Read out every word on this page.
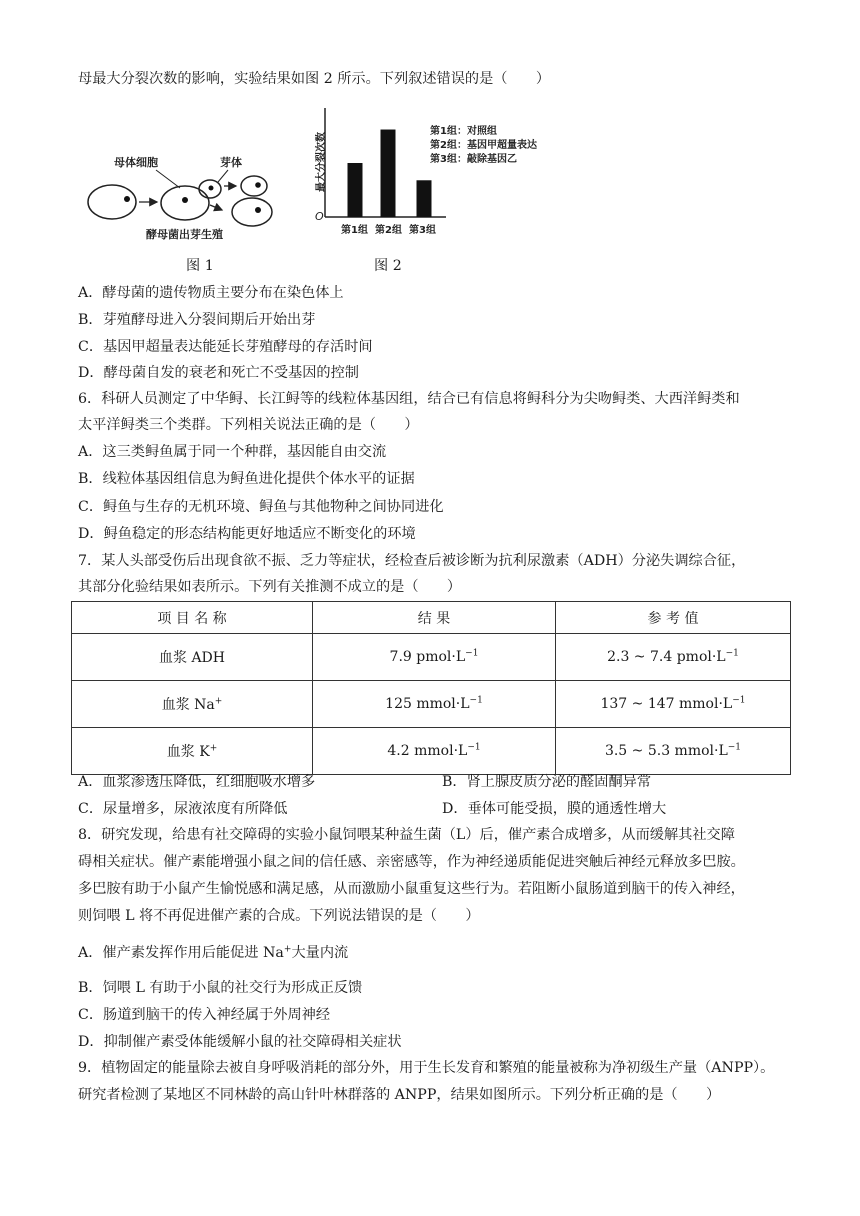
母最大分裂次数的影响，实验结果如图 2 所示。下列叙述错误的是（　　）
母体细胞	芽体
酵母菌出芽生殖
最大分裂次数
O
第1组 第2组 第3组
第1组：对照组
第2组：基因甲超量表达
第3组：敲除基因乙
图 1	图 2
A．酵母菌的遗传物质主要分布在染色体上
B．芽殖酵母进入分裂间期后开始出芽
C．基因甲超量表达能延长芽殖酵母的存活时间
D．酵母菌自发的衰老和死亡不受基因的控制
6．科研人员测定了中华鲟、长江鲟等的线粒体基因组，结合已有信息将鲟科分为尖吻鲟类、大西洋鲟类和
太平洋鲟类三个类群。下列相关说法正确的是（　　）
A．这三类鲟鱼属于同一个种群，基因能自由交流
B．线粒体基因组信息为鲟鱼进化提供个体水平的证据
C．鲟鱼与生存的无机环境、鲟鱼与其他物种之间协同进化
D．鲟鱼稳定的形态结构能更好地适应不断变化的环境
7．某人头部受伤后出现食欲不振、乏力等症状，经检查后被诊断为抗利尿激素（ADH）分泌失调综合征，
其部分化验结果如表所示。下列有关推测不成立的是（　　）
项 目 名 称	结 果	参 考 值
血浆 ADH	7.9 $pmol\cdot L^{-1}$	2.3 ~ 7.4 $pmol\cdot L^{-1}$
血浆 Na+	125 $mmol\cdot L^{-1}$	137 ~ 147 $mmol\cdot L^{-1}$
血浆 K+	4.2 $mmol\cdot L^{-1}$	3.5 ~ 5.3 $mmol\cdot L^{-1}$
A．血浆渗透压降低，红细胞吸水增多	B．肾上腺皮质分泌的醛固酮异常
C．尿量增多，尿液浓度有所降低	D．垂体可能受损，膜的通透性增大
8．研究发现，给患有社交障碍的实验小鼠饲喂某种益生菌（L）后，催产素合成增多，从而缓解其社交障
碍相关症状。催产素能增强小鼠之间的信任感、亲密感等，作为神经递质能促进突触后神经元释放多巴胺。
多巴胺有助于小鼠产生愉悦感和满足感，从而激励小鼠重复这些行为。若阻断小鼠肠道到脑干的传入神经，
则饲喂 L 将不再促进催产素的合成。下列说法错误的是（　　）
A．催产素发挥作用后能促进 Na+大量内流
B．饲喂 L 有助于小鼠的社交行为形成正反馈
C．肠道到脑干的传入神经属于外周神经
D．抑制催产素受体能缓解小鼠的社交障碍相关症状
9．植物固定的能量除去被自身呼吸消耗的部分外，用于生长发育和繁殖的能量被称为净初级生产量（ANPP）。
研究者检测了某地区不同林龄的高山针叶林群落的 ANPP，结果如图所示。下列分析正确的是（　　）
